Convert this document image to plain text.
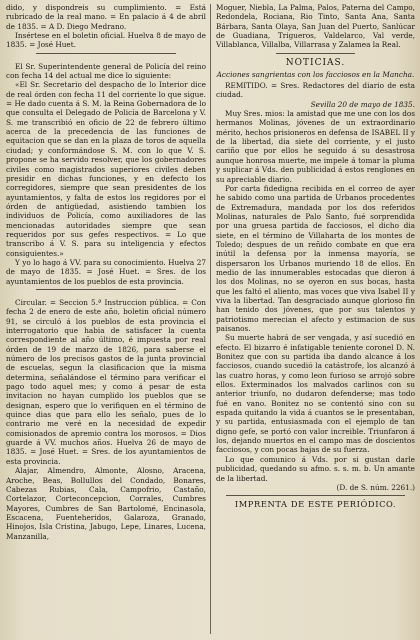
dido, y dispondreis su cumplimiento. = Está rubricado de la real mano. = En palacio á 4 de abril de 1835. = A D. Diego Medrano.

Insértese en el boletin oficial. Huelva 8 de mayo de 1835. = José Huet.

El Sr. Superintendente general de Policía del reino con fecha 14 del actual me dice lo siguiente:

«El Sr. Secretario del despacho de lo Interior dice de real órden con fecha 11 del corriente lo que sigue. = He dado cuenta á S. M. la Reina Gobernadora de lo que consulta el Delegado de Policía de Barcelona y V. S. me transcribió en oficio de 22 de febrero último acerca de la precedencia de las funciones de equitacion que se dan en la plaza de toros de aquella ciudad; y conformándose S. M. con lo que V. S. propone se ha servido resolver, que los gobernadores civiles como magistrados superiores civiles deben presidir en dichas funciones, y en defecto los corregidores, siempre que sean presidentes de los ayuntamientos, y falta de estos los regidores por el órden de antigüedad, asistiendo tambien los individuos de Policía, como auxiliadores de las mencionadas autoridades siempre que sean requeridos por sus gefes respectivos. = Lo que transcribo á V. S. para su inteligencia y efectos consiguientes.»

Y yo lo hago á VV. para su conocimiento. Huelva 27 de mayo de 1835. = José Huet. = Sres. de los ayuntamientos de los pueblos de esta provincia.

Circular. = Seccion 5.ª Instruccion pública. = Con fecha 2 de enero de este año, boletin oficial número 91, se circuló á los pueblos de esta provincia el interrogatorio que habia de satisfacer la cuenta correspondiente al año último, é impuesta por real órden de 19 de marzo de 1826, para saberse el número de los precisos gastos de la junta provincial de escuelas, segun la clasificacion que la misma determina, señalándose el término para verificar el pago todo aquel mes; y como á pesar de esta invitacion no hayan cumplido los pueblos que se designan, espero que lo verifiquen en el término de quince dias que para ello les señalo, pues de lo contrario me veré en la necesidad de expedir comisionados de apremio contra los morosos. = Dios guarde á VV. muchos años. Huelva 26 de mayo de 1835. = José Huet. = Sres. de los ayuntamientos de esta provincia.

Alajar, Almendro, Almonte, Alosno, Aracena, Aroche, Beas, Bollullos del Condado, Bonares, Cabezas Rubias, Cala, Campofrio, Castaño, Cortelazor, Corteconcepcion, Corrales, Cumbres Mayores, Cumbres de San Bartolomé, Encinasola, Escacena, Fuenteheridos, Galaroza, Granado, Hinojos, Isla Cristina, Jabugo, Lepe, Linares, Lucena, Manzanilla,

Moguer, Niebla, La Palma, Palos, Paterna del Campo, Redondela, Rociana, Rio Tinto, Santa Ana, Santa Bárbara, Santa Olaya, San Juan del Puerto, Sanlúcar de Guadiana, Trigueros, Valdelarco, Val verde, Villablanca, Villalba, Villarrasa y Zalamea la Real.

NOTICIAS.
Acciones sangrientas con los facciosos en la Mancha.

REMITIDO. = Sres. Redactores del diario de esta ciudad.

Sevilla 20 de mayo de 1835.

Muy Sres. mios: la amistad que me une con los dos hermanos Molinas, jóvenes de un extraordinario mérito, hechos prisioneros en defensa de ISABEL II y de la libertad, dia siete del corriente, y el justo cariño que por ellos he seguido á su desastrosa aunque honrosa muerte, me impele á tomar la pluma y suplicar á Vds. den publicidad á estos renglones en su apreciable diario.

Por carta fidedigna recibida en el correo de ayer he sabido como una partida de Urbanos procedentes de Extremadura, mandada por los dos referidos Molinas, naturales de Palo Santo, fué sorprendida por una gruesa partida de facciosos, el dicho dia siete, en el término de Villaharta de los montes de Toledo; despues de un reñido combate en que era inútil la defensa por la inmensa mayoría, se dispersaron los Urbanos muriendo 18 de ellos. En medio de las innumerables estocadas que dieron á los dos Molinas, no se oyeron en sus bocas, hasta que les faltó el aliento, mas voces que viva Isabel II y viva la libertad. Tan desgraciado aunque glorioso fin han tenido dos jóvenes, que por sus talentos y patriotismo merecian el afecto y estimacion de sus paisanos.

Su muerte habrá de ser vengada, y así sucedió en efecto. El bizarro é infatigable teniente coronel D. N. Bonitez que con su partida iba dando alcance á los facciosos, cuando sucedió la catástrofe, los alcanzó á las cuatro horas, y como leon furioso se arrojó sobre ellos. Exterminados los malvados carlinos con su anterior triunfo, no dudaron defenderse; mas todo fué en vano. Bonitez no se contentó sino con su espada quitando la vida á cuantos se le presentaban, y su partida, entusiasmada con el ejemplo de tan digno gefe, se portó con valor increible. Triunfaron á los, dejando muertos en el campo mas de doscientos facciosos, y con pocas bajas de su fuerza.

Lo que comunico á Vds. por si gustan darle publicidad, quedando su afmo. s. s. m. b. Un amante de la libertad.

(D. de S. núm. 2261.)

IMPRENTA DE ESTE PERIÓDICO.
